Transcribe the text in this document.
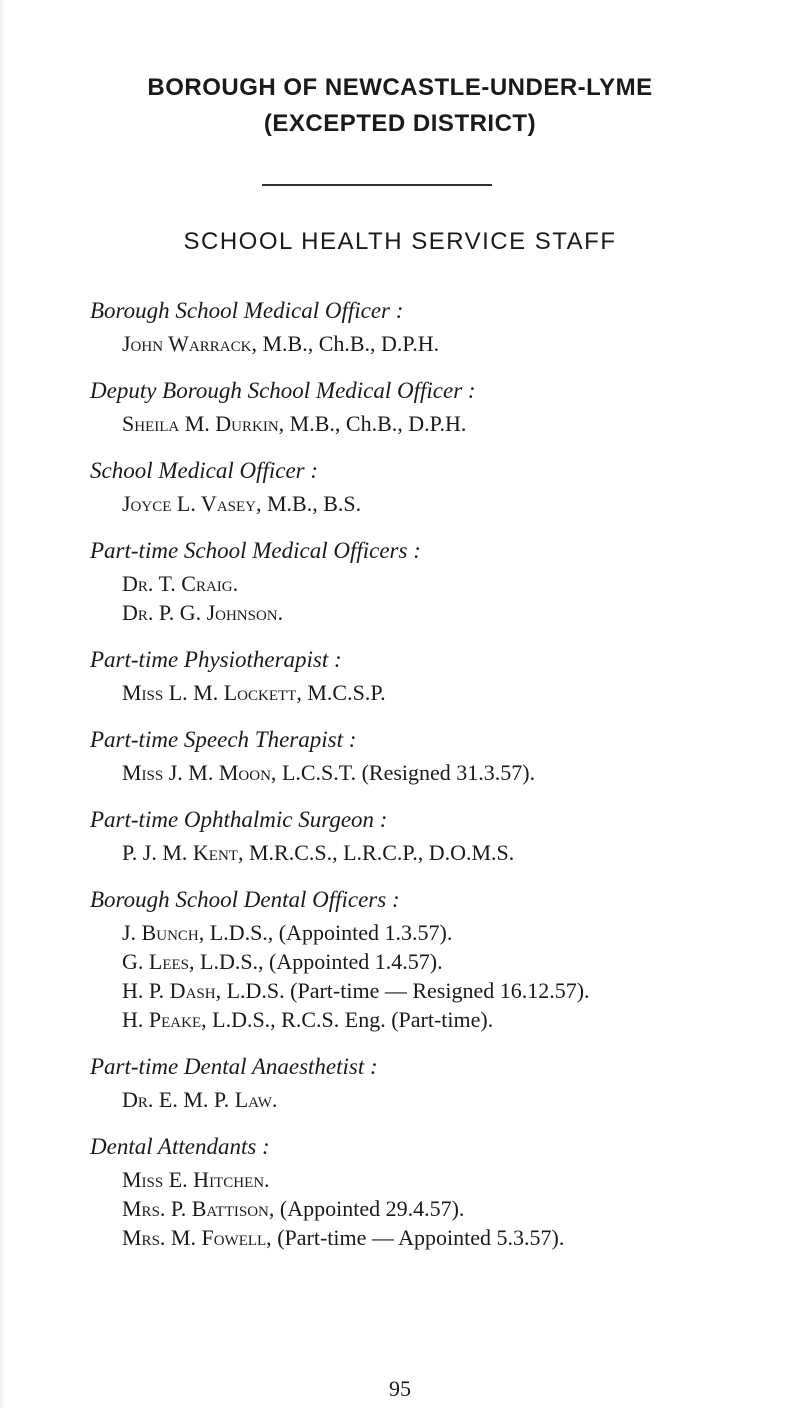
BOROUGH OF NEWCASTLE-UNDER-LYME

(EXCEPTED DISTRICT)

SCHOOL HEALTH SERVICE STAFF

Borough School Medical Officer :

John Warrack, M.B., Ch.B., D.P.H.

Deputy Borough School Medical Officer :

Sheila M. Durkin, M.B., Ch.B., D.P.H.

School Medical Officer :

Joyce L. Vasey, M.B., B.S.

Part-time School Medical Officers :

Dr. T. Craig.

Dr. P. G. Johnson.

Part-time Physiotherapist :

Miss L. M. Lockett, M.C.S.P.

Part-time Speech Therapist :

Miss J. M. Moon, L.C.S.T. (Resigned 31.3.57).

Part-time Ophthalmic Surgeon :

P. J. M. Kent, M.R.C.S., L.R.C.P., D.O.M.S.

Borough School Dental Officers :

J. Bunch, L.D.S., (Appointed 1.3.57).

G. Lees, L.D.S., (Appointed 1.4.57).

H. P. Dash, L.D.S. (Part-time — Resigned 16.12.57).

H. Peake, L.D.S., R.C.S. Eng. (Part-time).

Part-time Dental Anaesthetist :

Dr. E. M. P. Law.

Dental Attendants :

Miss E. Hitchen.

Mrs. P. Battison, (Appointed 29.4.57).

Mrs. M. Fowell, (Part-time — Appointed 5.3.57).

95
